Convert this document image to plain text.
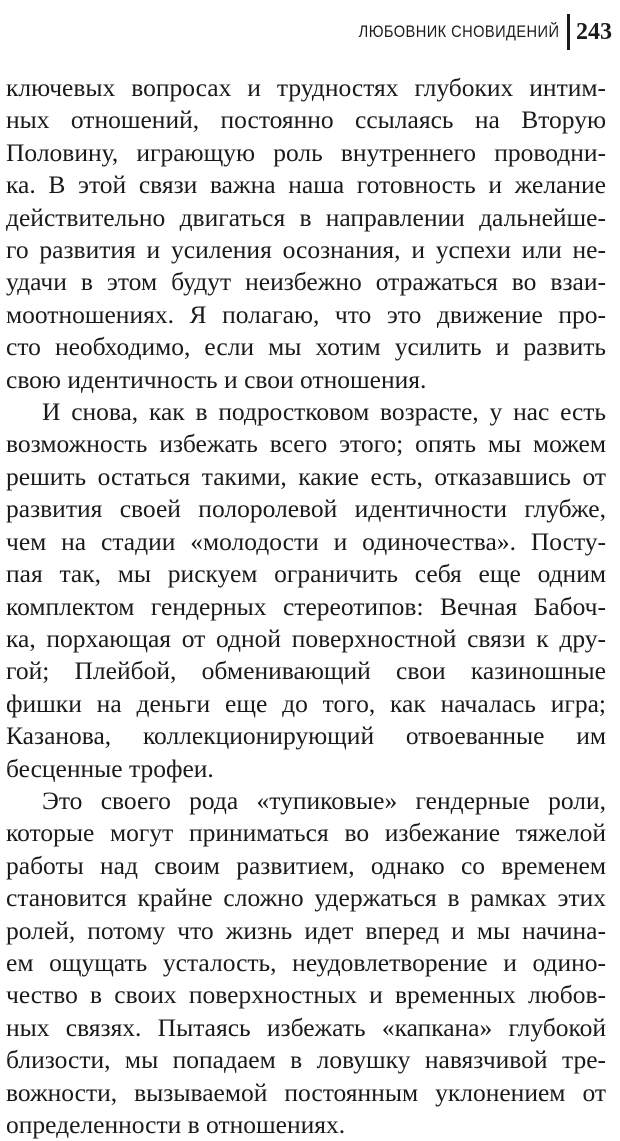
ЛЮБОВНИК СНОВИДЕНИЙ 243

ключевых вопросах и трудностях глубоких интим-
ных отношений, постоянно ссылаясь на Вторую
Половину, играющую роль внутреннего проводни-
ка. В этой связи важна наша готовность и желание
действительно двигаться в направлении дальнейше-
го развития и усиления осознания, и успехи или не-
удачи в этом будут неизбежно отражаться во взаи-
моотношениях. Я полагаю, что это движение про-
сто необходимо, если мы хотим усилить и развить
свою идентичность и свои отношения.

И снова, как в подростковом возрасте, у нас есть
возможность избежать всего этого; опять мы можем
решить остаться такими, какие есть, отказавшись от
развития своей полоролевой идентичности глубже,
чем на стадии «молодости и одиночества». Посту-
пая так, мы рискуем ограничить себя еще одним
комплектом гендерных стереотипов: Вечная Бабоч-
ка, порхающая от одной поверхностной связи к дру-
гой; Плейбой, обменивающий свои казиношные
фишки на деньги еще до того, как началась игра;
Казанова, коллекционирующий отвоеванные им
бесценные трофеи.

Это своего рода «тупиковые» гендерные роли,
которые могут приниматься во избежание тяжелой
работы над своим развитием, однако со временем
становится крайне сложно удержаться в рамках этих
ролей, потому что жизнь идет вперед и мы начина-
ем ощущать усталость, неудовлетворение и одино-
чество в своих поверхностных и временных любов-
ных связях. Пытаясь избежать «капкана» глубокой
близости, мы попадаем в ловушку навязчивой тре-
вожности, вызываемой постоянным уклонением от
определенности в отношениях.
